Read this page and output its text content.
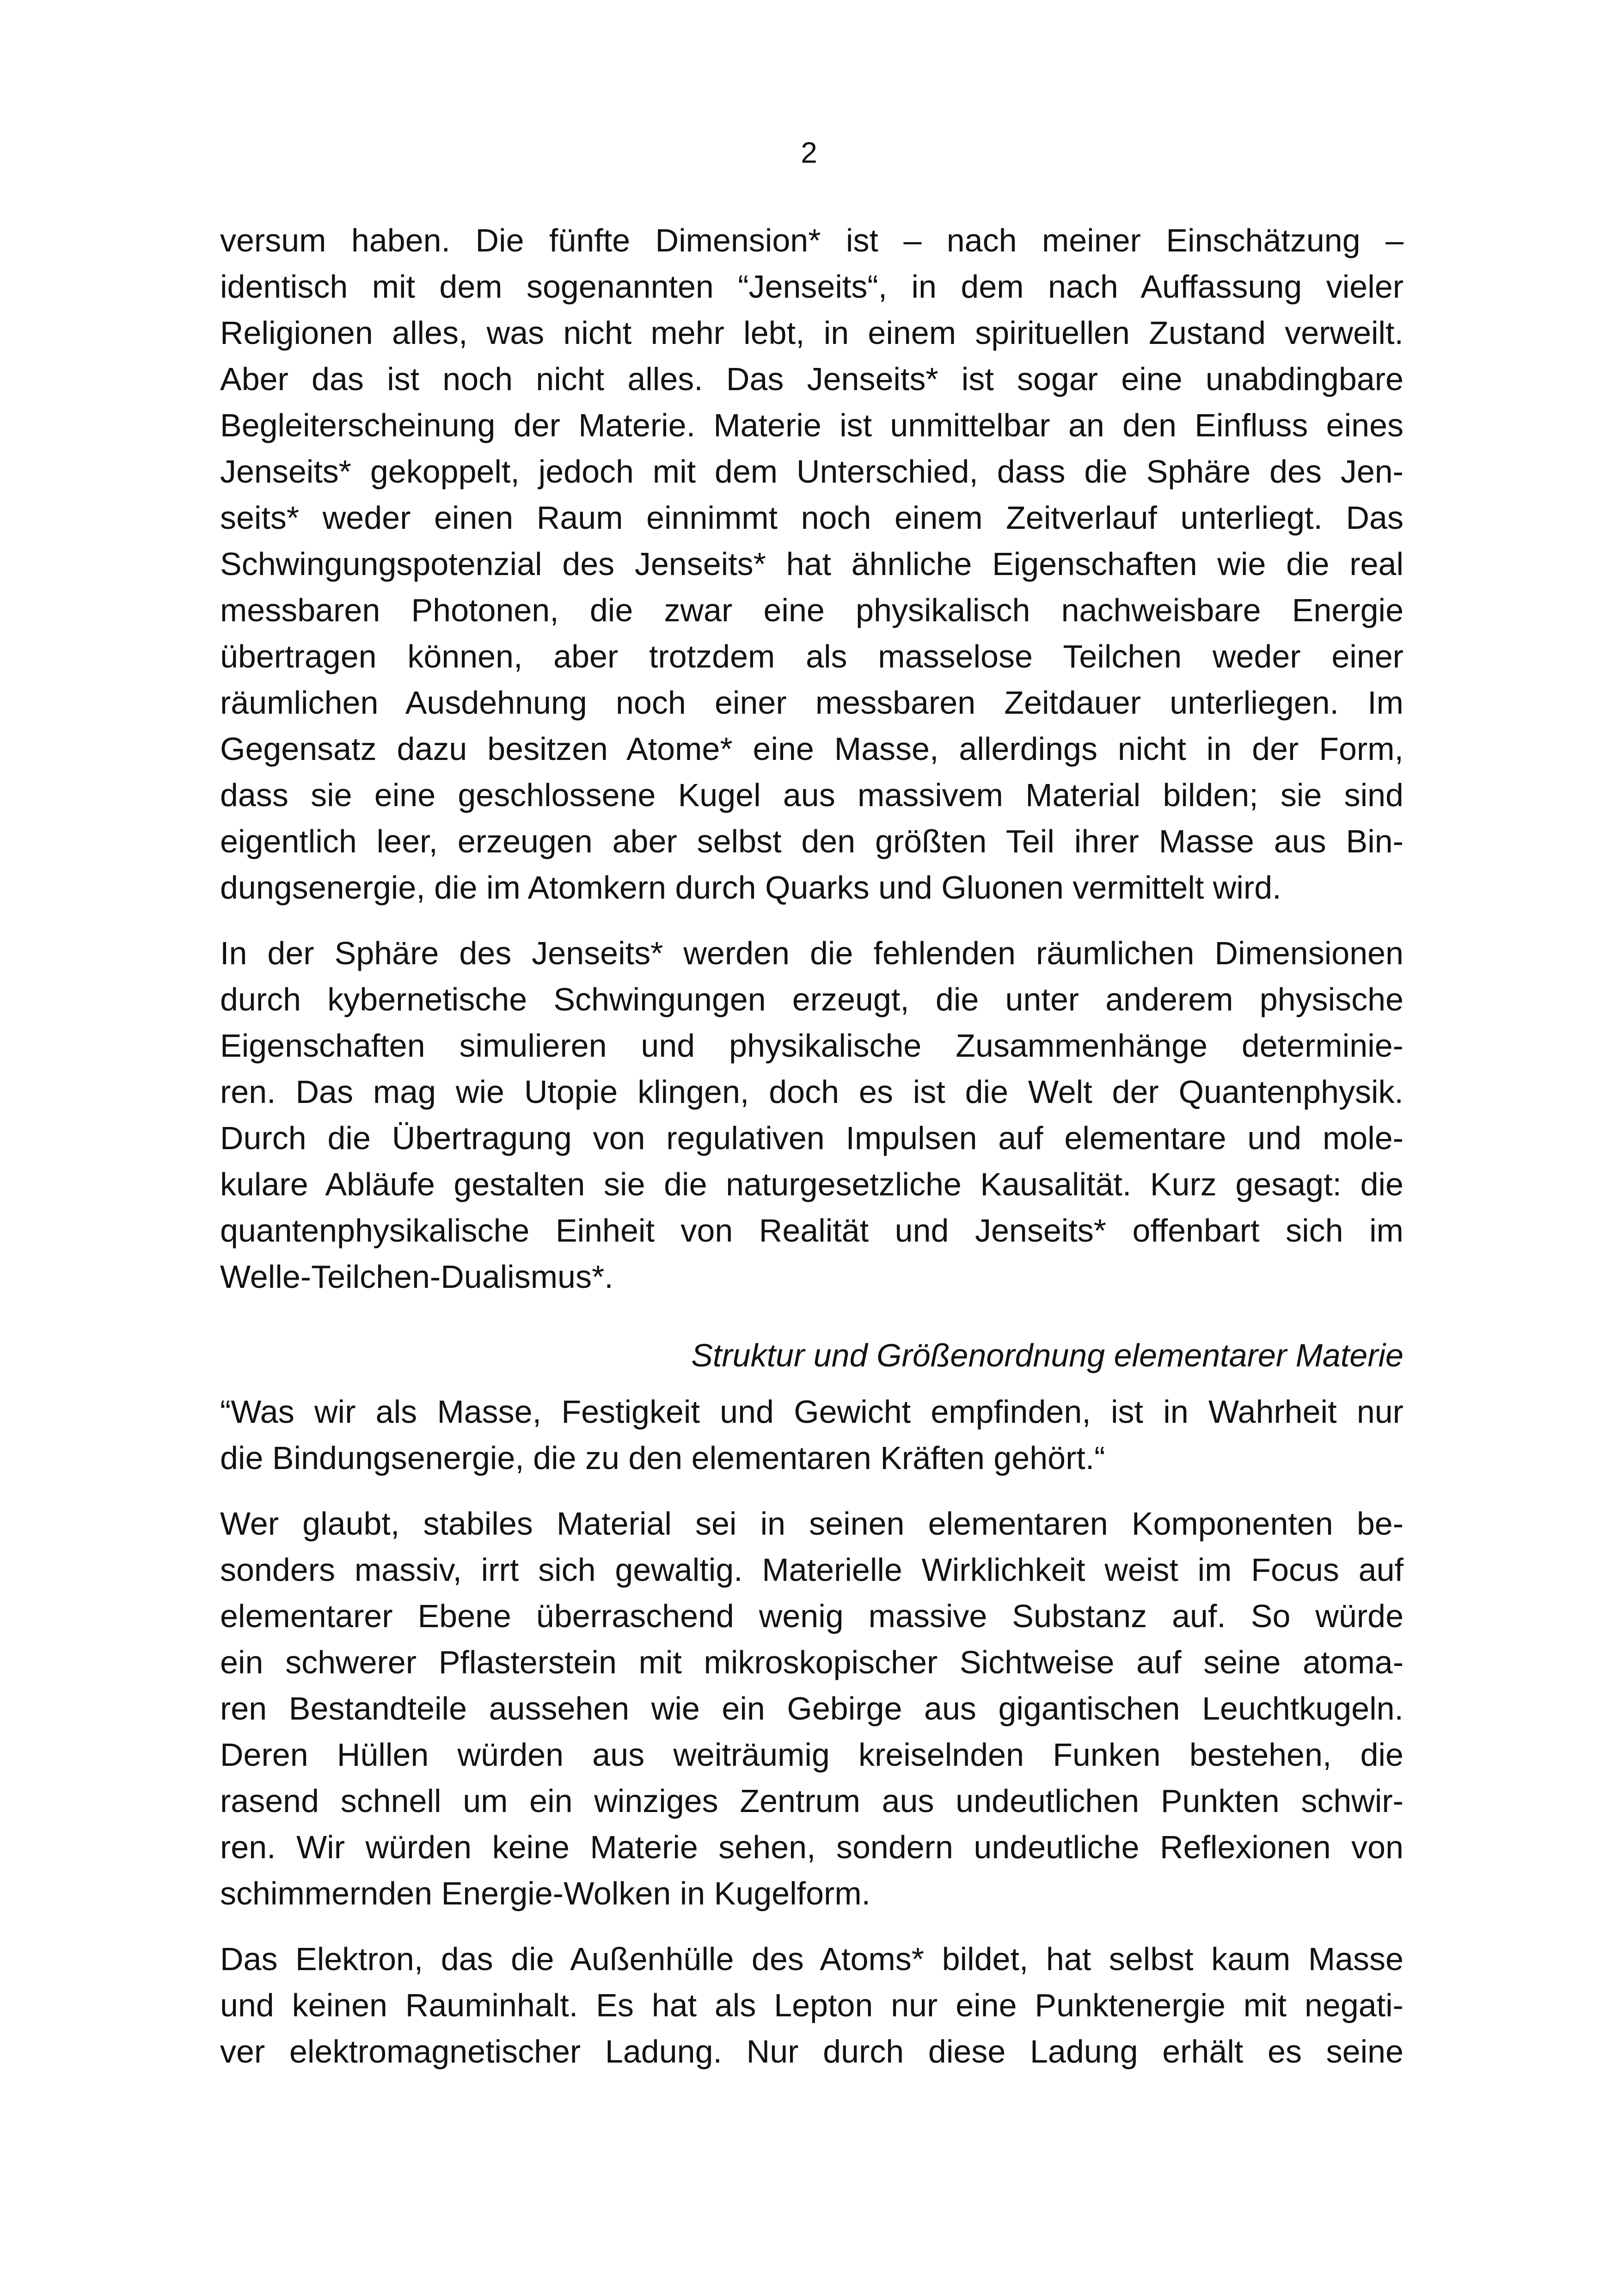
2
versum haben. Die fünfte Dimension* ist – nach meiner Einschätzung –
identisch mit dem sogenannten “Jenseits“, in dem nach Auffassung vieler
Religionen alles, was nicht mehr lebt, in einem spirituellen Zustand verweilt.
Aber das ist noch nicht alles. Das Jenseits* ist sogar eine unabdingbare
Begleiterscheinung der Materie. Materie ist unmittelbar an den Einfluss eines
Jenseits* gekoppelt, jedoch mit dem Unterschied, dass die Sphäre des Jen-
seits* weder einen Raum einnimmt noch einem Zeitverlauf unterliegt. Das
Schwingungspotenzial des Jenseits* hat ähnliche Eigenschaften wie die real
messbaren Photonen, die zwar eine physikalisch nachweisbare Energie
übertragen können, aber trotzdem als masselose Teilchen weder einer
räumlichen Ausdehnung noch einer messbaren Zeitdauer unterliegen. Im
Gegensatz dazu besitzen Atome* eine Masse, allerdings nicht in der Form,
dass sie eine geschlossene Kugel aus massivem Material bilden; sie sind
eigentlich leer, erzeugen aber selbst den größten Teil ihrer Masse aus Bin-
dungsenergie, die im Atomkern durch Quarks und Gluonen vermittelt wird.
In der Sphäre des Jenseits* werden die fehlenden räumlichen Dimensionen
durch kybernetische Schwingungen erzeugt, die unter anderem physische
Eigenschaften simulieren und physikalische Zusammenhänge determinie-
ren. Das mag wie Utopie klingen, doch es ist die Welt der Quantenphysik.
Durch die Übertragung von regulativen Impulsen auf elementare und mole-
kulare Abläufe gestalten sie die naturgesetzliche Kausalität. Kurz gesagt: die
quantenphysikalische Einheit von Realität und Jenseits* offenbart sich im
Welle-Teilchen-Dualismus*.
Struktur und Größenordnung elementarer Materie
“Was wir als Masse, Festigkeit und Gewicht empfinden, ist in Wahrheit nur
die Bindungsenergie, die zu den elementaren Kräften gehört.“
Wer glaubt, stabiles Material sei in seinen elementaren Komponenten be-
sonders massiv, irrt sich gewaltig. Materielle Wirklichkeit weist im Focus auf
elementarer Ebene überraschend wenig massive Substanz auf. So würde
ein schwerer Pflasterstein mit mikroskopischer Sichtweise auf seine atoma-
ren Bestandteile aussehen wie ein Gebirge aus gigantischen Leuchtkugeln.
Deren Hüllen würden aus weiträumig kreiselnden Funken bestehen, die
rasend schnell um ein winziges Zentrum aus undeutlichen Punkten schwir-
ren. Wir würden keine Materie sehen, sondern undeutliche Reflexionen von
schimmernden Energie-Wolken in Kugelform.
Das Elektron, das die Außenhülle des Atoms* bildet, hat selbst kaum Masse
und keinen Rauminhalt. Es hat als Lepton nur eine Punktenergie mit negati-
ver elektromagnetischer Ladung. Nur durch diese Ladung erhält es seine
